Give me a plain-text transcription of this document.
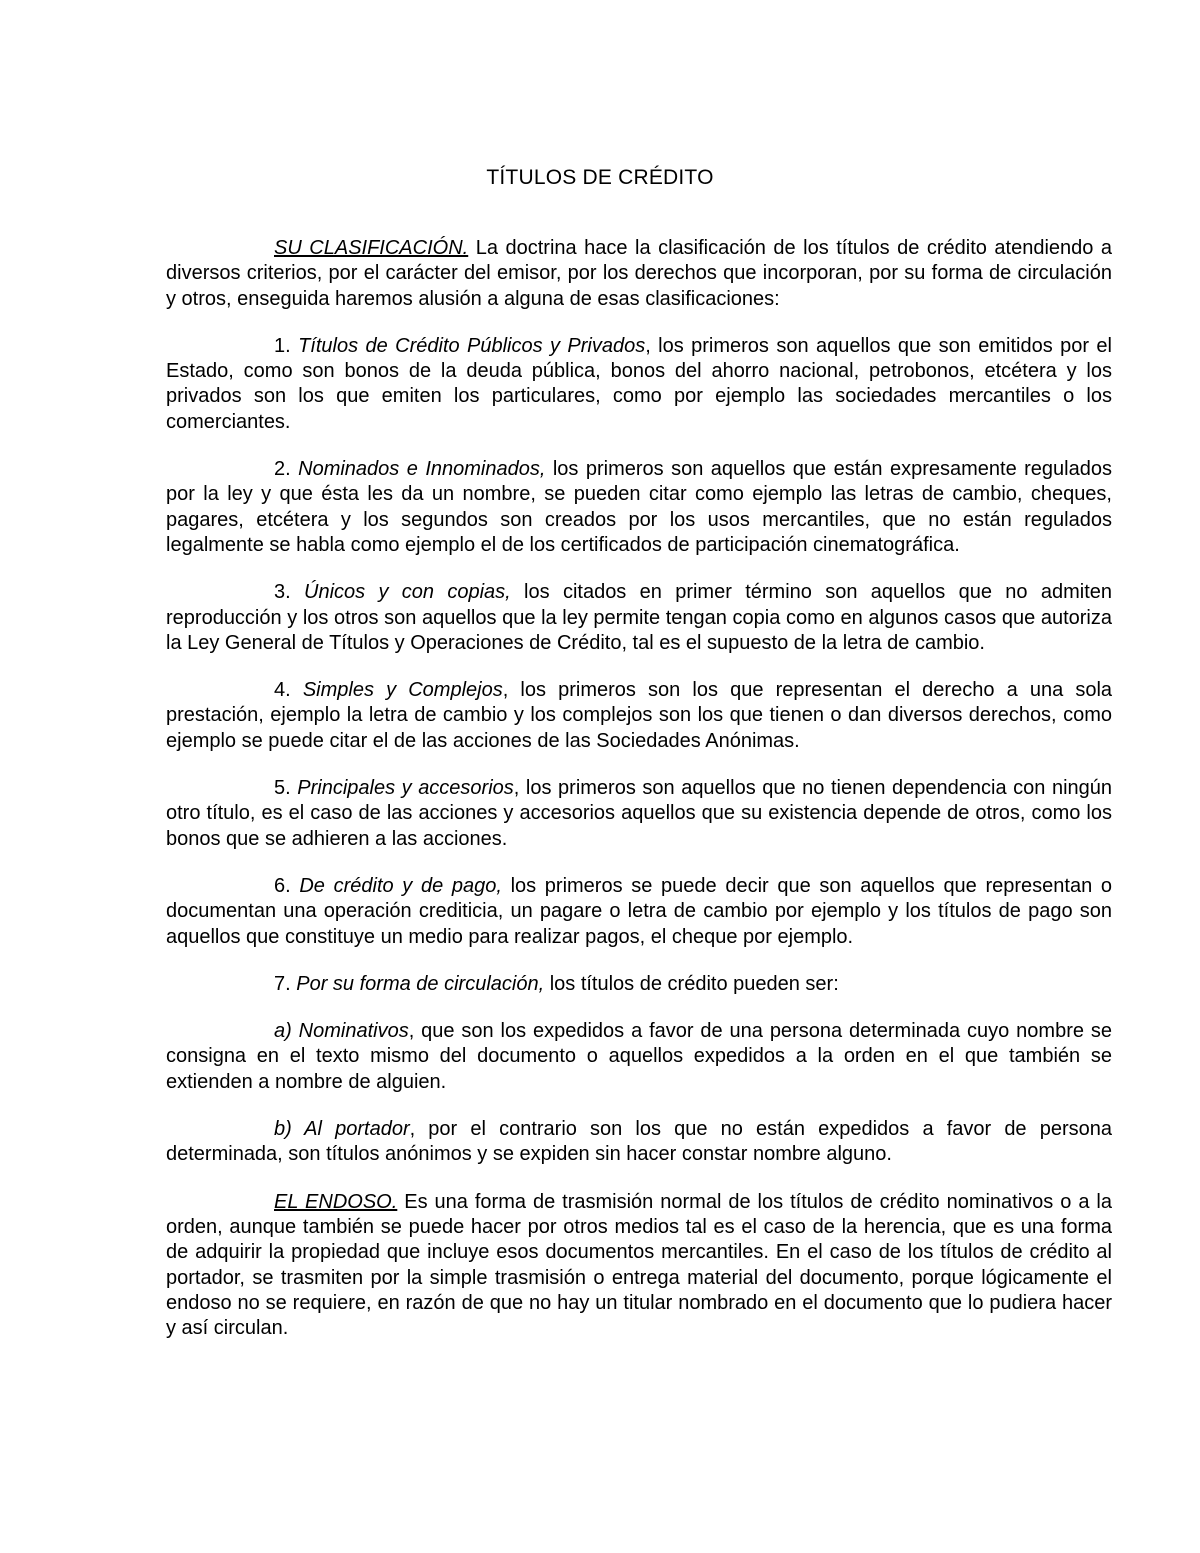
TÍTULOS DE CRÉDITO

SU CLASIFICACIÓN. La doctrina hace la clasificación de los títulos de crédito atendiendo a diversos criterios, por el carácter del emisor, por los derechos que incorporan, por su forma de circulación y otros, enseguida haremos alusión a alguna de esas clasificaciones:

1. Títulos de Crédito Públicos y Privados, los primeros son aquellos que son emitidos por el Estado, como son bonos de la deuda pública, bonos del ahorro nacional, petrobonos, etcétera y los privados son los que emiten los particulares, como por ejemplo las sociedades mercantiles o los comerciantes.

2. Nominados e Innominados, los primeros son aquellos que están expresamente regulados por la ley y que ésta les da un nombre, se pueden citar como ejemplo las letras de cambio, cheques, pagares, etcétera y los segundos son creados por los usos mercantiles, que no están regulados legalmente se habla como ejemplo el de los certificados de participación cinematográfica.

3. Únicos y con copias, los citados en primer término son aquellos que no admiten reproducción y los otros son aquellos que la ley permite tengan copia como en algunos casos que autoriza la Ley General de Títulos y Operaciones de Crédito, tal es el supuesto de la letra de cambio.

4. Simples y Complejos, los primeros son los que representan el derecho a una sola prestación, ejemplo la letra de cambio y los complejos son los que tienen o dan diversos derechos, como ejemplo se puede citar el de las acciones de las Sociedades Anónimas.

5. Principales y accesorios, los primeros son aquellos que no tienen dependencia con ningún otro título, es el caso de las acciones y accesorios aquellos que su existencia depende de otros, como los bonos que se adhieren a las acciones.

6. De crédito y de pago, los primeros se puede decir que son aquellos que representan o documentan una operación crediticia, un pagare o letra de cambio por ejemplo y los títulos de pago son aquellos que constituye un medio para realizar pagos, el cheque por ejemplo.

7. Por su forma de circulación, los títulos de crédito pueden ser:

a) Nominativos, que son los expedidos a favor de una persona determinada cuyo nombre se consigna en el texto mismo del documento o aquellos expedidos a la orden en el que también se extienden a nombre de alguien.

b) Al portador, por el contrario son los que no están expedidos a favor de persona determinada, son títulos anónimos y se expiden sin hacer constar nombre alguno.

EL ENDOSO. Es una forma de trasmisión normal de los títulos de crédito nominativos o a la orden, aunque también se puede hacer por otros medios tal es el caso de la herencia, que es una forma de adquirir la propiedad que incluye esos documentos mercantiles. En el caso de los títulos de crédito al portador, se trasmiten por la simple trasmisión o entrega material del documento, porque lógicamente el endoso no se requiere, en razón de que no hay un titular nombrado en el documento que lo pudiera hacer y así circulan.
